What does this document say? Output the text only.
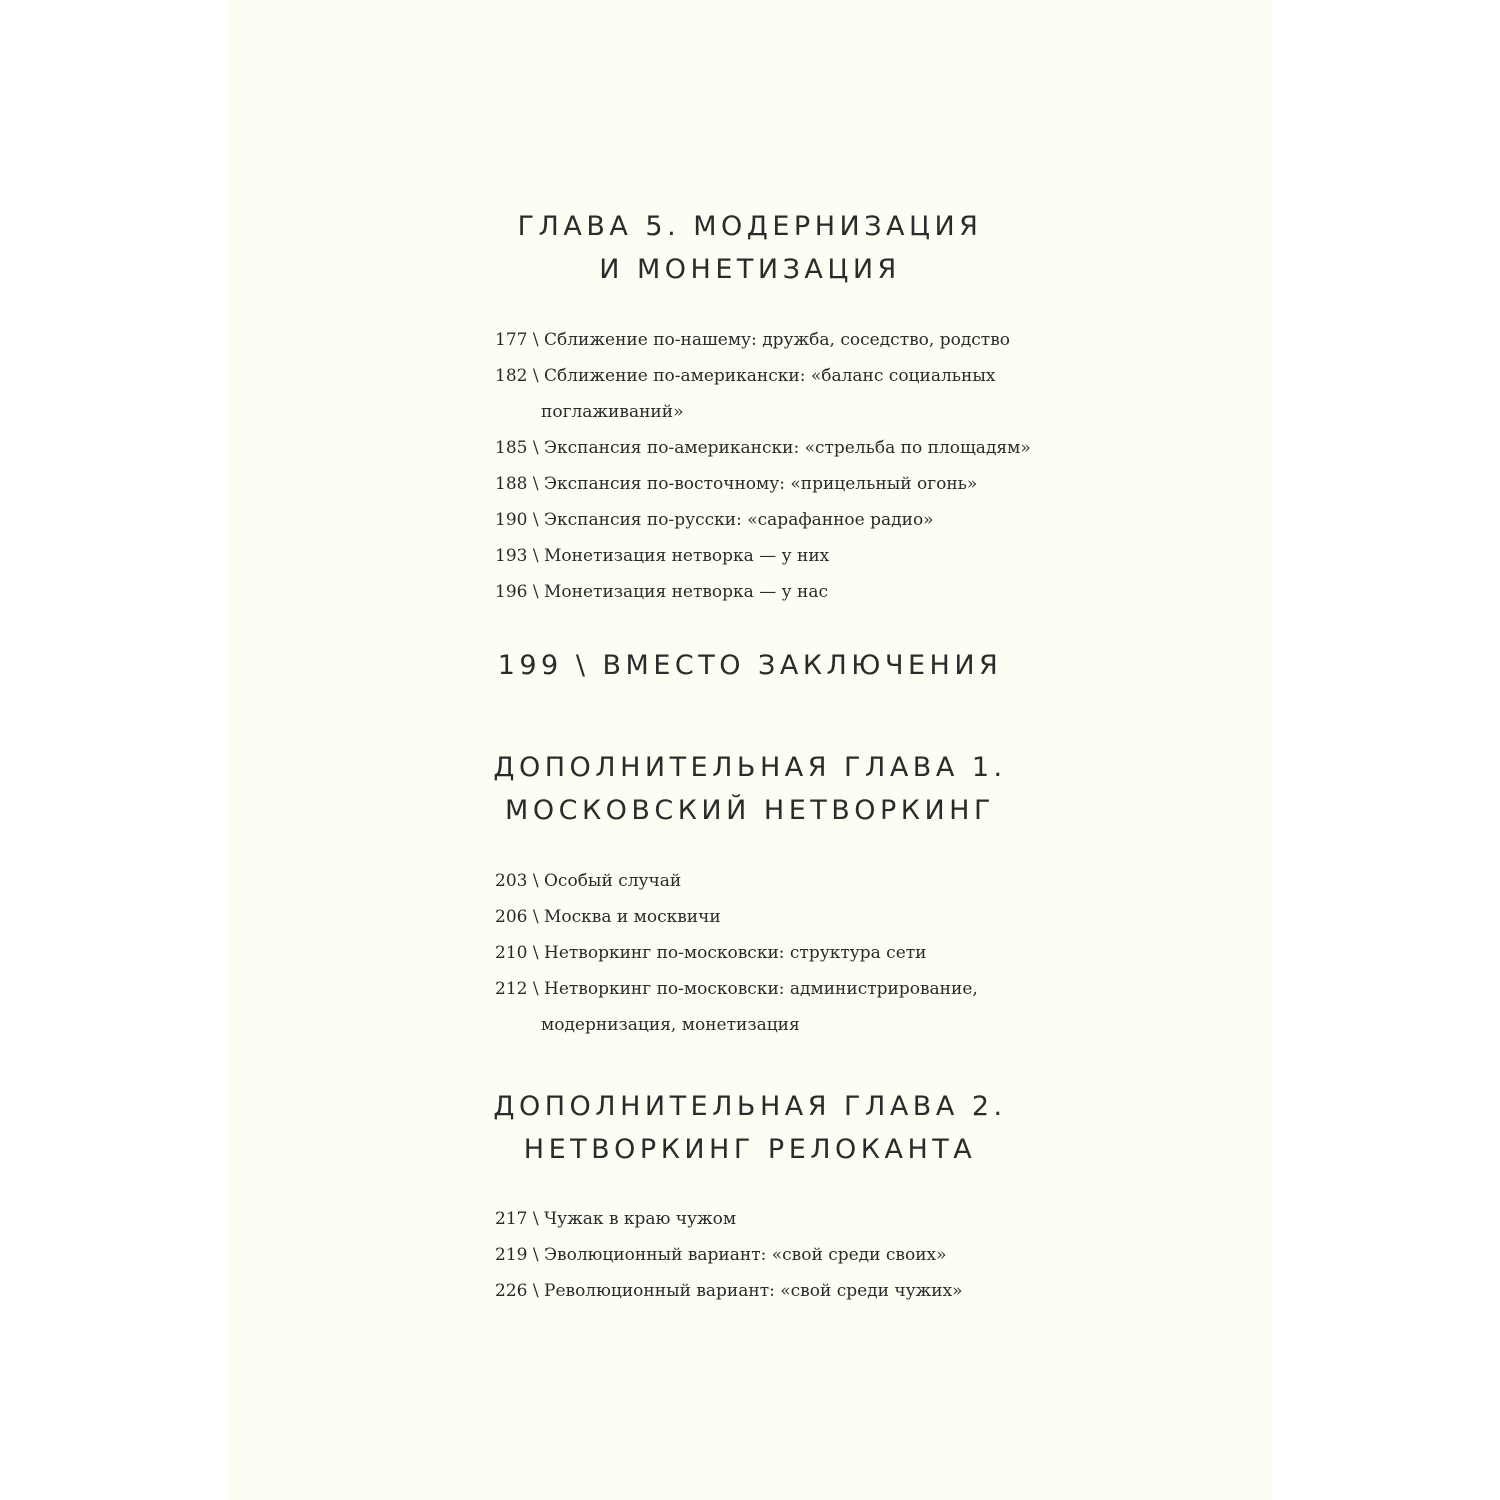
ГЛАВА 5. МОДЕРНИЗАЦИЯ
И МОНЕТИЗАЦИЯ
177 \ Сближение по-нашему: дружба, соседство, родство
182 \ Сближение по-американски: «баланс социальных
поглаживаний»
185 \ Экспансия по-американски: «стрельба по площадям»
188 \ Экспансия по-восточному: «прицельный огонь»
190 \ Экспансия по-русски: «сарафанное радио»
193 \ Монетизация нетворка — у них
196 \ Монетизация нетворка — у нас
199 \ ВМЕСТО ЗАКЛЮЧЕНИЯ
ДОПОЛНИТЕЛЬНАЯ ГЛАВА 1.
МОСКОВСКИЙ НЕТВОРКИНГ
203 \ Особый случай
206 \ Москва и москвичи
210 \ Нетворкинг по-московски: структура сети
212 \ Нетворкинг по-московски: администрирование,
модернизация, монетизация
ДОПОЛНИТЕЛЬНАЯ ГЛАВА 2.
НЕТВОРКИНГ РЕЛОКАНТА
217 \ Чужак в краю чужом
219 \ Эволюционный вариант: «свой среди своих»
226 \ Революционный вариант: «свой среди чужих»
